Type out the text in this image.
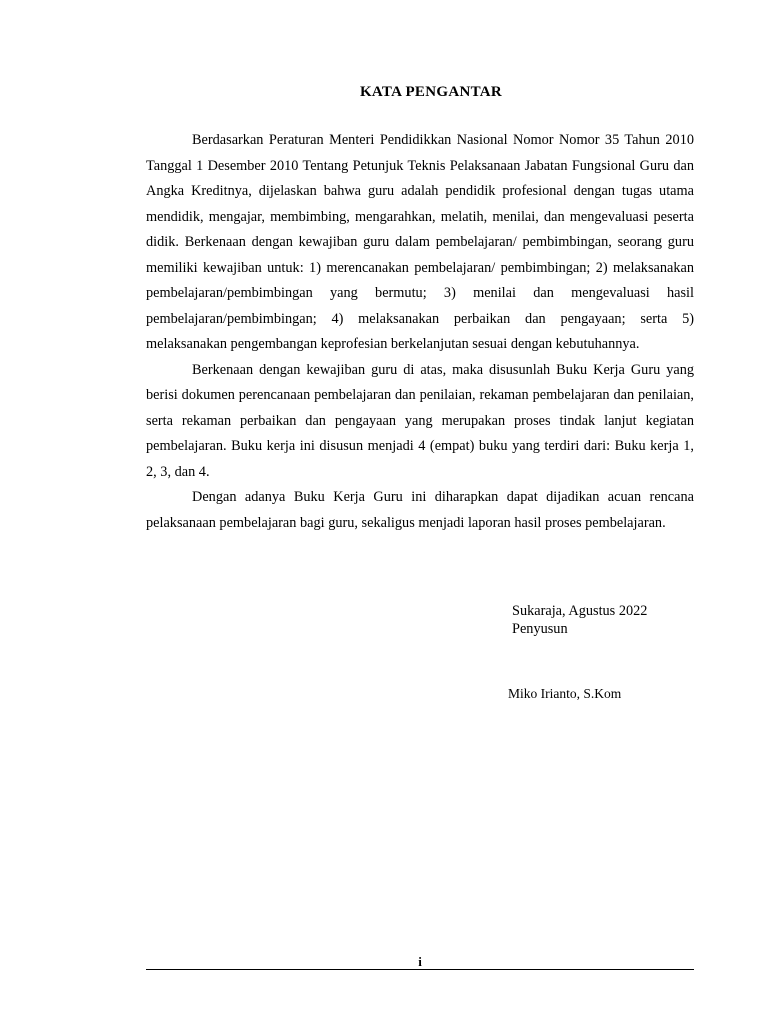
KATA PENGANTAR

Berdasarkan Peraturan Menteri Pendidikkan Nasional Nomor Nomor 35 Tahun 2010 Tanggal 1 Desember 2010 Tentang Petunjuk Teknis Pelaksanaan Jabatan Fungsional Guru dan Angka Kreditnya, dijelaskan bahwa guru adalah pendidik profesional dengan tugas utama mendidik, mengajar, membimbing, mengarahkan, melatih, menilai, dan mengevaluasi peserta didik. Berkenaan dengan kewajiban guru dalam pembelajaran/ pembimbingan, seorang guru memiliki kewajiban untuk: 1) merencanakan pembelajaran/ pembimbingan; 2) melaksanakan pembelajaran/pembimbingan yang bermutu; 3) menilai dan mengevaluasi hasil pembelajaran/pembimbingan; 4) melaksanakan perbaikan dan pengayaan; serta 5) melaksanakan pengembangan keprofesian berkelanjutan sesuai dengan kebutuhannya.

Berkenaan dengan kewajiban guru di atas, maka disusunlah Buku Kerja Guru yang berisi dokumen perencanaan pembelajaran dan penilaian, rekaman pembelajaran dan penilaian, serta rekaman perbaikan dan pengayaan yang merupakan proses tindak lanjut kegiatan pembelajaran. Buku kerja ini disusun menjadi 4 (empat) buku yang terdiri dari: Buku kerja 1, 2, 3, dan 4.

Dengan adanya Buku Kerja Guru ini diharapkan dapat dijadikan acuan rencana pelaksanaan pembelajaran bagi guru, sekaligus menjadi laporan hasil proses pembelajaran.

Sukaraja, Agustus 2022
Penyusun
Miko Irianto, S.Kom
i
